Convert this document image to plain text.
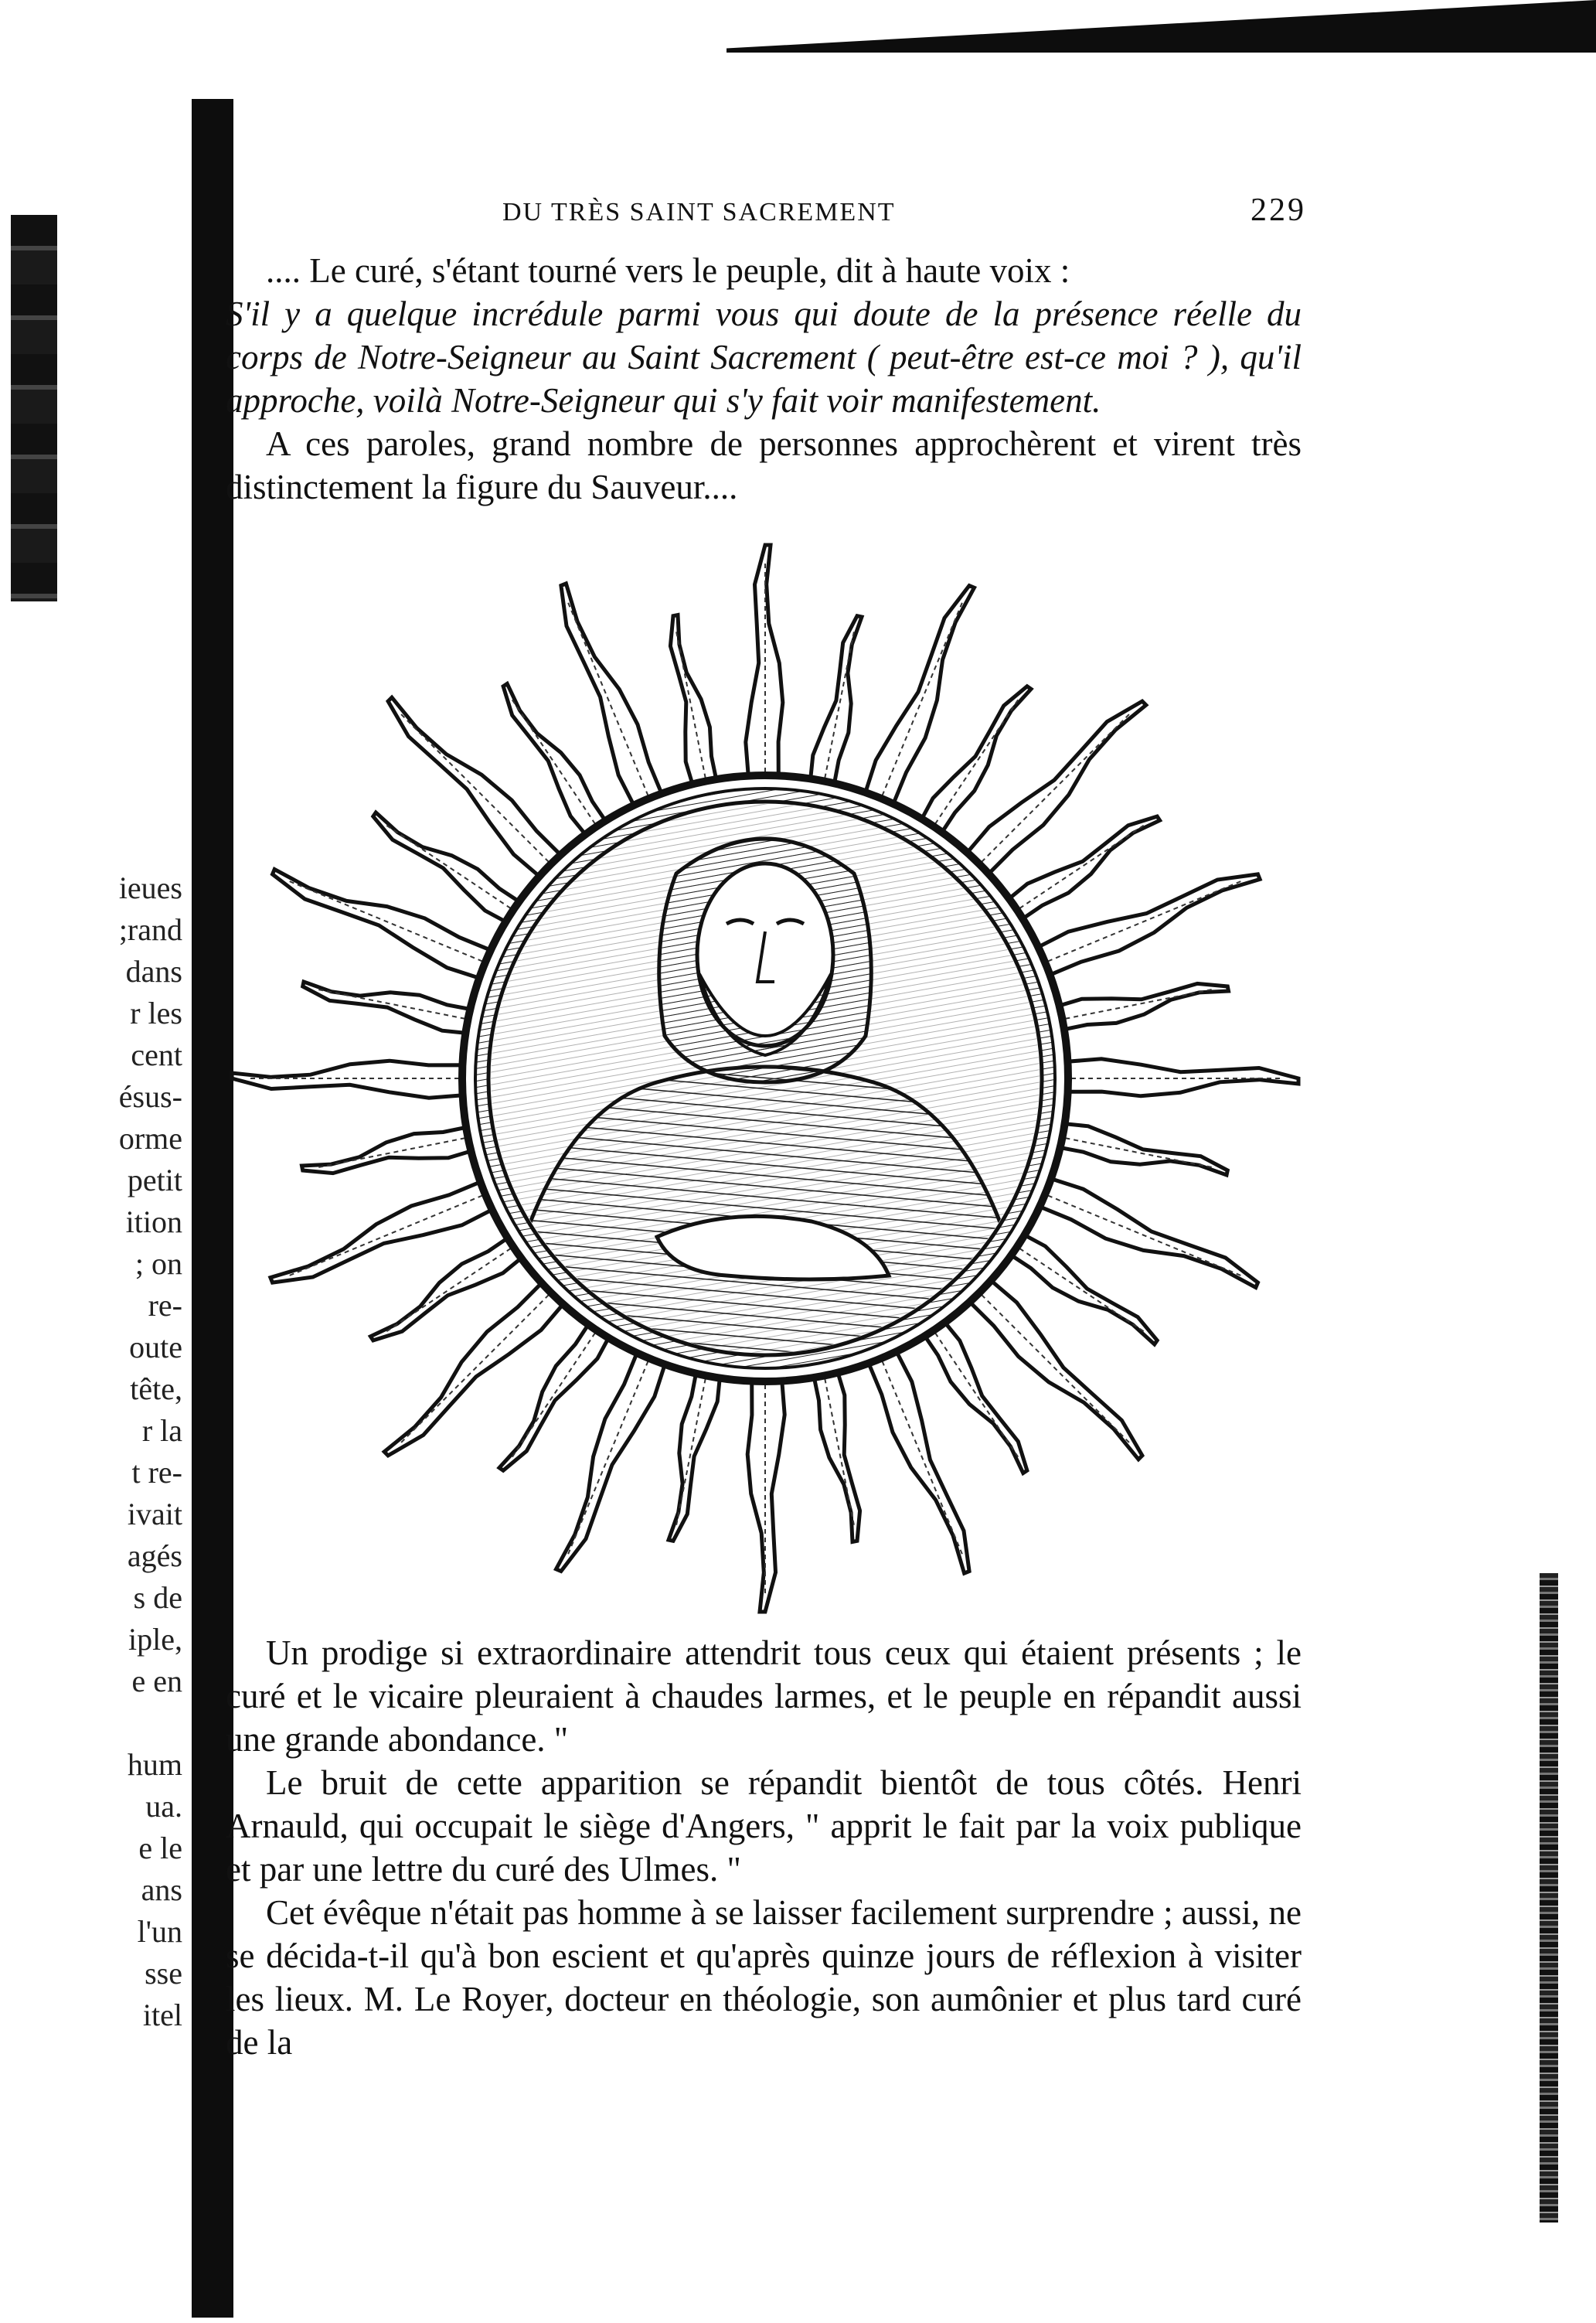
DU TRÈS SAINT SACREMENT	229

.... Le curé, s'étant tourné vers le peuple, dit à haute voix :

S'il y a quelque incrédule parmi vous qui doute de la présence réelle du corps de Notre-Seigneur au Saint Sacrement ( peut-être est-ce moi ? ), qu'il approche, voilà Notre-Seigneur qui s'y fait voir manifestement.

A ces paroles, grand nombre de personnes approchèrent et virent très distinctement la figure du Sauveur....

Un prodige si extraordinaire attendrit tous ceux qui étaient présents ; le curé et le vicaire pleuraient à chaudes larmes, et le peuple en répandit aussi une grande abondance. "

Le bruit de cette apparition se répandit bientôt de tous côtés. Henri Arnauld, qui occupait le siège d'Angers, " apprit le fait par la voix publique et par une lettre du curé des Ulmes. "

Cet évêque n'était pas homme à se laisser facilement surprendre ; aussi, ne se décida-t-il qu'à bon escient et qu'après quinze jours de réflexion à visiter les lieux. M. Le Royer, docteur en théologie, son aumônier et plus tard curé de la

ieues
;rand
dans
r les
cent
ésus-
orme
petit
ition
; on
re-
oute
tête,
r la
t re-
ivait
agés
s de
iple,
e en

hum
ua.
e le
ans
l'un
sse
itel
